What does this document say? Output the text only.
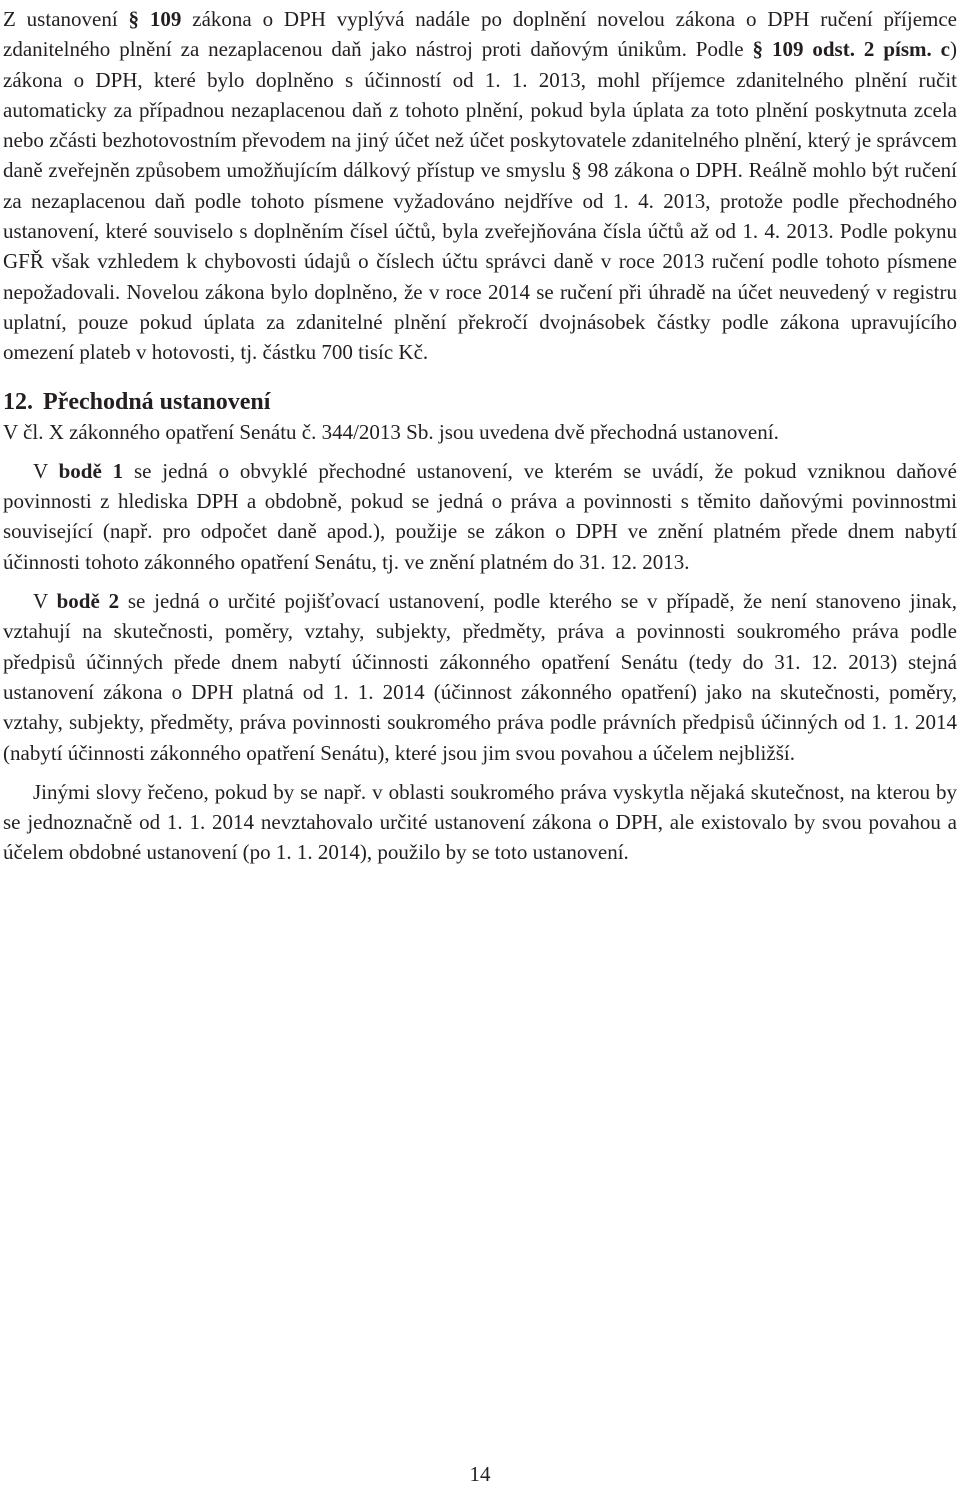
Z ustanovení § 109 zákona o DPH vyplývá nadále po doplnění novelou zákona o DPH ručení příjemce zdanitelného plnění za nezaplacenou daň jako nástroj proti daňovým únikům. Podle § 109 odst. 2 písm. c) zákona o DPH, které bylo doplněno s účinností od 1. 1. 2013, mohl příjemce zdanitelného plnění ručit automaticky za případnou nezaplacenou daň z tohoto plnění, pokud byla úplata za toto plnění poskytnuta zcela nebo zčásti bezhotovostním převodem na jiný účet než účet poskytovatele zdanitelného plnění, který je správcem daně zveřejněn způsobem umožňujícím dálkový přístup ve smyslu § 98 zákona o DPH. Reálně mohlo být ručení za nezaplacenou daň podle tohoto písmene vyžadováno nejdříve od 1. 4. 2013, protože podle přechodného ustanovení, které souviselo s doplněním čísel účtů, byla zveřejňována čísla účtů až od 1. 4. 2013. Podle pokynu GFŘ však vzhledem k chybovosti údajů o číslech účtu správci daně v roce 2013 ručení podle tohoto písmene nepožadovali. Novelou zákona bylo doplněno, že v roce 2014 se ručení při úhradě na účet neuvedený v registru uplatní, pouze pokud úplata za zdanitelné plnění překročí dvojnásobek částky podle zákona upravujícího omezení plateb v hotovosti, tj. částku 700 tisíc Kč.

12. Přechodná ustanovení

V čl. X zákonného opatření Senátu č. 344/2013 Sb. jsou uvedena dvě přechodná ustanovení.

V bodě 1 se jedná o obvyklé přechodné ustanovení, ve kterém se uvádí, že pokud vzniknou daňové povinnosti z hlediska DPH a obdobně, pokud se jedná o práva a povinnosti s těmito daňovými povinnostmi související (např. pro odpočet daně apod.), použije se zákon o DPH ve znění platném přede dnem nabytí účinnosti tohoto zákonného opatření Senátu, tj. ve znění platném do 31. 12. 2013.

V bodě 2 se jedná o určité pojišťovací ustanovení, podle kterého se v případě, že není stanoveno jinak, vztahují na skutečnosti, poměry, vztahy, subjekty, předměty, práva a povinnosti soukromého práva podle předpisů účinných přede dnem nabytí účinnosti zákonného opatření Senátu (tedy do 31. 12. 2013) stejná ustanovení zákona o DPH platná od 1. 1. 2014 (účinnost zákonného opatření) jako na skutečnosti, poměry, vztahy, subjekty, předměty, práva povinnosti soukromého práva podle právních předpisů účinných od 1. 1. 2014 (nabytí účinnosti zákonného opatření Senátu), které jsou jim svou povahou a účelem nejbližší.

Jinými slovy řečeno, pokud by se např. v oblasti soukromého práva vyskytla nějaká skutečnost, na kterou by se jednoznačně od 1. 1. 2014 nevztahovalo určité ustanovení zákona o DPH, ale existovalo by svou povahou a účelem obdobné ustanovení (po 1. 1. 2014), použilo by se toto ustanovení.

14
